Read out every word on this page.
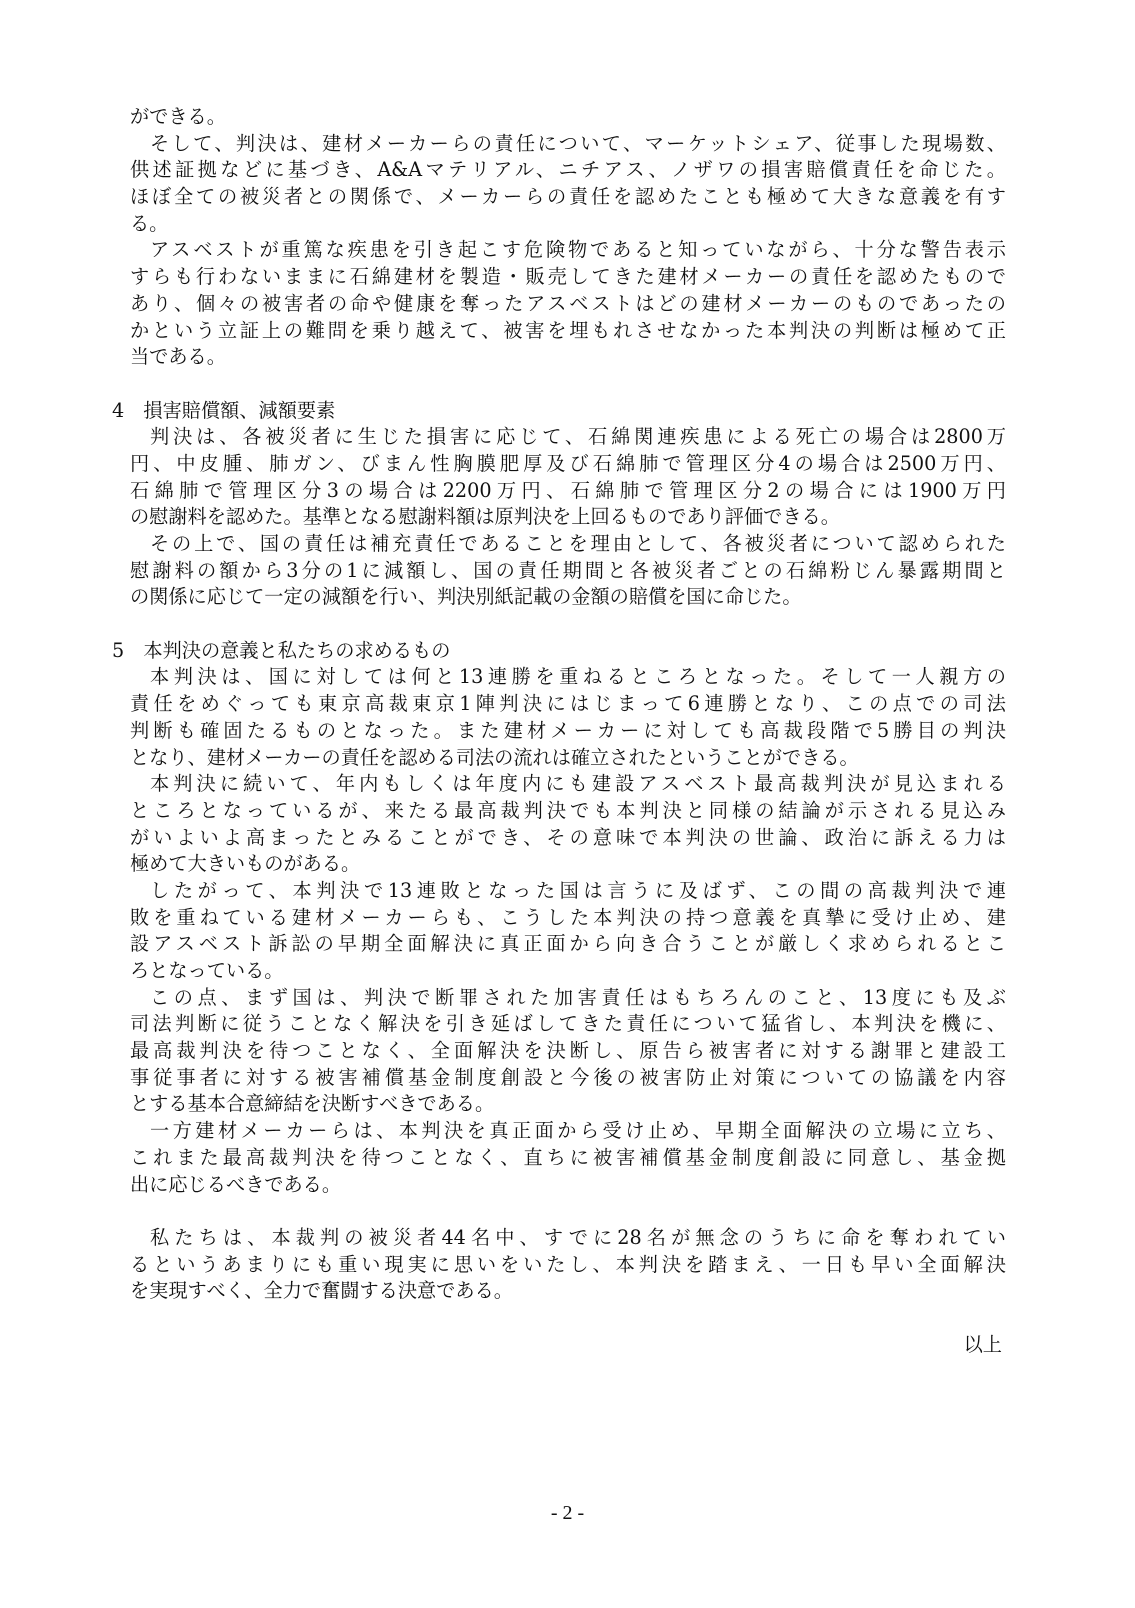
ができる。
そして、判決は、建材メーカーらの責任について、マーケットシェア、従事した現場数、
供述証拠などに基づき、A&Aマテリアル、ニチアス、ノザワの損害賠償責任を命じた。
ほぼ全ての被災者との関係で、メーカーらの責任を認めたことも極めて大きな意義を有す
る。
アスベストが重篤な疾患を引き起こす危険物であると知っていながら、十分な警告表示
すらも行わないままに石綿建材を製造・販売してきた建材メーカーの責任を認めたもので
あり、個々の被害者の命や健康を奪ったアスベストはどの建材メーカーのものであったの
かという立証上の難問を乗り越えて、被害を埋もれさせなかった本判決の判断は極めて正
当である。
4　損害賠償額、減額要素
判決は、各被災者に生じた損害に応じて、石綿関連疾患による死亡の場合は2800万
円、中皮腫、肺ガン、びまん性胸膜肥厚及び石綿肺で管理区分4の場合は2500万円、
石綿肺で管理区分3の場合は2200万円、石綿肺で管理区分2の場合には1900万円
の慰謝料を認めた。基準となる慰謝料額は原判決を上回るものであり評価できる。
その上で、国の責任は補充責任であることを理由として、各被災者について認められた
慰謝料の額から3分の1に減額し、国の責任期間と各被災者ごとの石綿粉じん暴露期間と
の関係に応じて一定の減額を行い、判決別紙記載の金額の賠償を国に命じた。
5　本判決の意義と私たちの求めるもの
本判決は、国に対しては何と13連勝を重ねるところとなった。そして一人親方の
責任をめぐっても東京高裁東京1陣判決にはじまって6連勝となり、この点での司法
判断も確固たるものとなった。また建材メーカーに対しても高裁段階で5勝目の判決
となり、建材メーカーの責任を認める司法の流れは確立されたということができる。
本判決に続いて、年内もしくは年度内にも建設アスベスト最高裁判決が見込まれる
ところとなっているが、来たる最高裁判決でも本判決と同様の結論が示される見込み
がいよいよ高まったとみることができ、その意味で本判決の世論、政治に訴える力は
極めて大きいものがある。
したがって、本判決で13連敗となった国は言うに及ばず、この間の高裁判決で連
敗を重ねている建材メーカーらも、こうした本判決の持つ意義を真摯に受け止め、建
設アスベスト訴訟の早期全面解決に真正面から向き合うことが厳しく求められるとこ
ろとなっている。
この点、まず国は、判決で断罪された加害責任はもちろんのこと、13度にも及ぶ
司法判断に従うことなく解決を引き延ばしてきた責任について猛省し、本判決を機に、
最高裁判決を待つことなく、全面解決を決断し、原告ら被害者に対する謝罪と建設工
事従事者に対する被害補償基金制度創設と今後の被害防止対策についての協議を内容
とする基本合意締結を決断すべきである。
一方建材メーカーらは、本判決を真正面から受け止め、早期全面解決の立場に立ち、
これまた最高裁判決を待つことなく、直ちに被害補償基金制度創設に同意し、基金拠
出に応じるべきである。
私たちは、本裁判の被災者44名中、すでに28名が無念のうちに命を奪われてい
るというあまりにも重い現実に思いをいたし、本判決を踏まえ、一日も早い全面解決
を実現すべく、全力で奮闘する決意である。
以上
- 2 -
